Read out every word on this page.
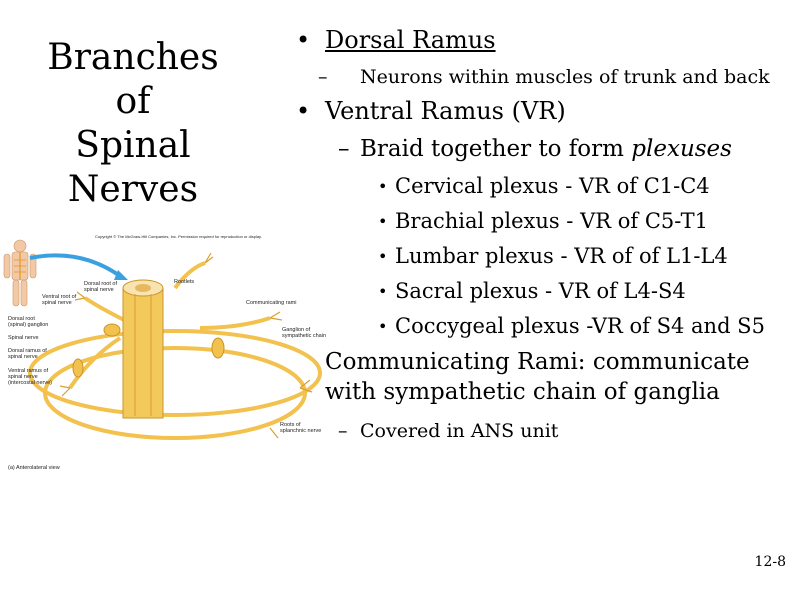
Branches
of
Spinal
Nerves
• Dorsal Ramus
– Neurons within muscles of trunk and back
• Ventral Ramus (VR)
– Braid together to form plexuses
• Cervical plexus - VR of C1-C4
• Brachial plexus - VR of C5-T1
• Lumbar plexus - VR of of L1-L4
• Sacral plexus - VR of L4-S4
• Coccygeal plexus -VR of S4 and S5
Communicating Rami: communicate
with sympathetic chain of ganglia
– Covered in ANS unit
Copyright © The McGraw-Hill Companies, Inc. Permission required for reproduction or display.
Dorsal root of
spinal nerve
Rootlets
Ventral root of
spinal nerve	Communicating rami
Dorsal root
(spinal) ganglion
Ganglion of
sympathetic chain
Spinal nerve
Dorsal ramus of
spinal nerve
Ventral ramus of
spinal nerve
(intercostal nerve)
Roots of
splanchnic nerve
(a) Anterolateral view
12-8
